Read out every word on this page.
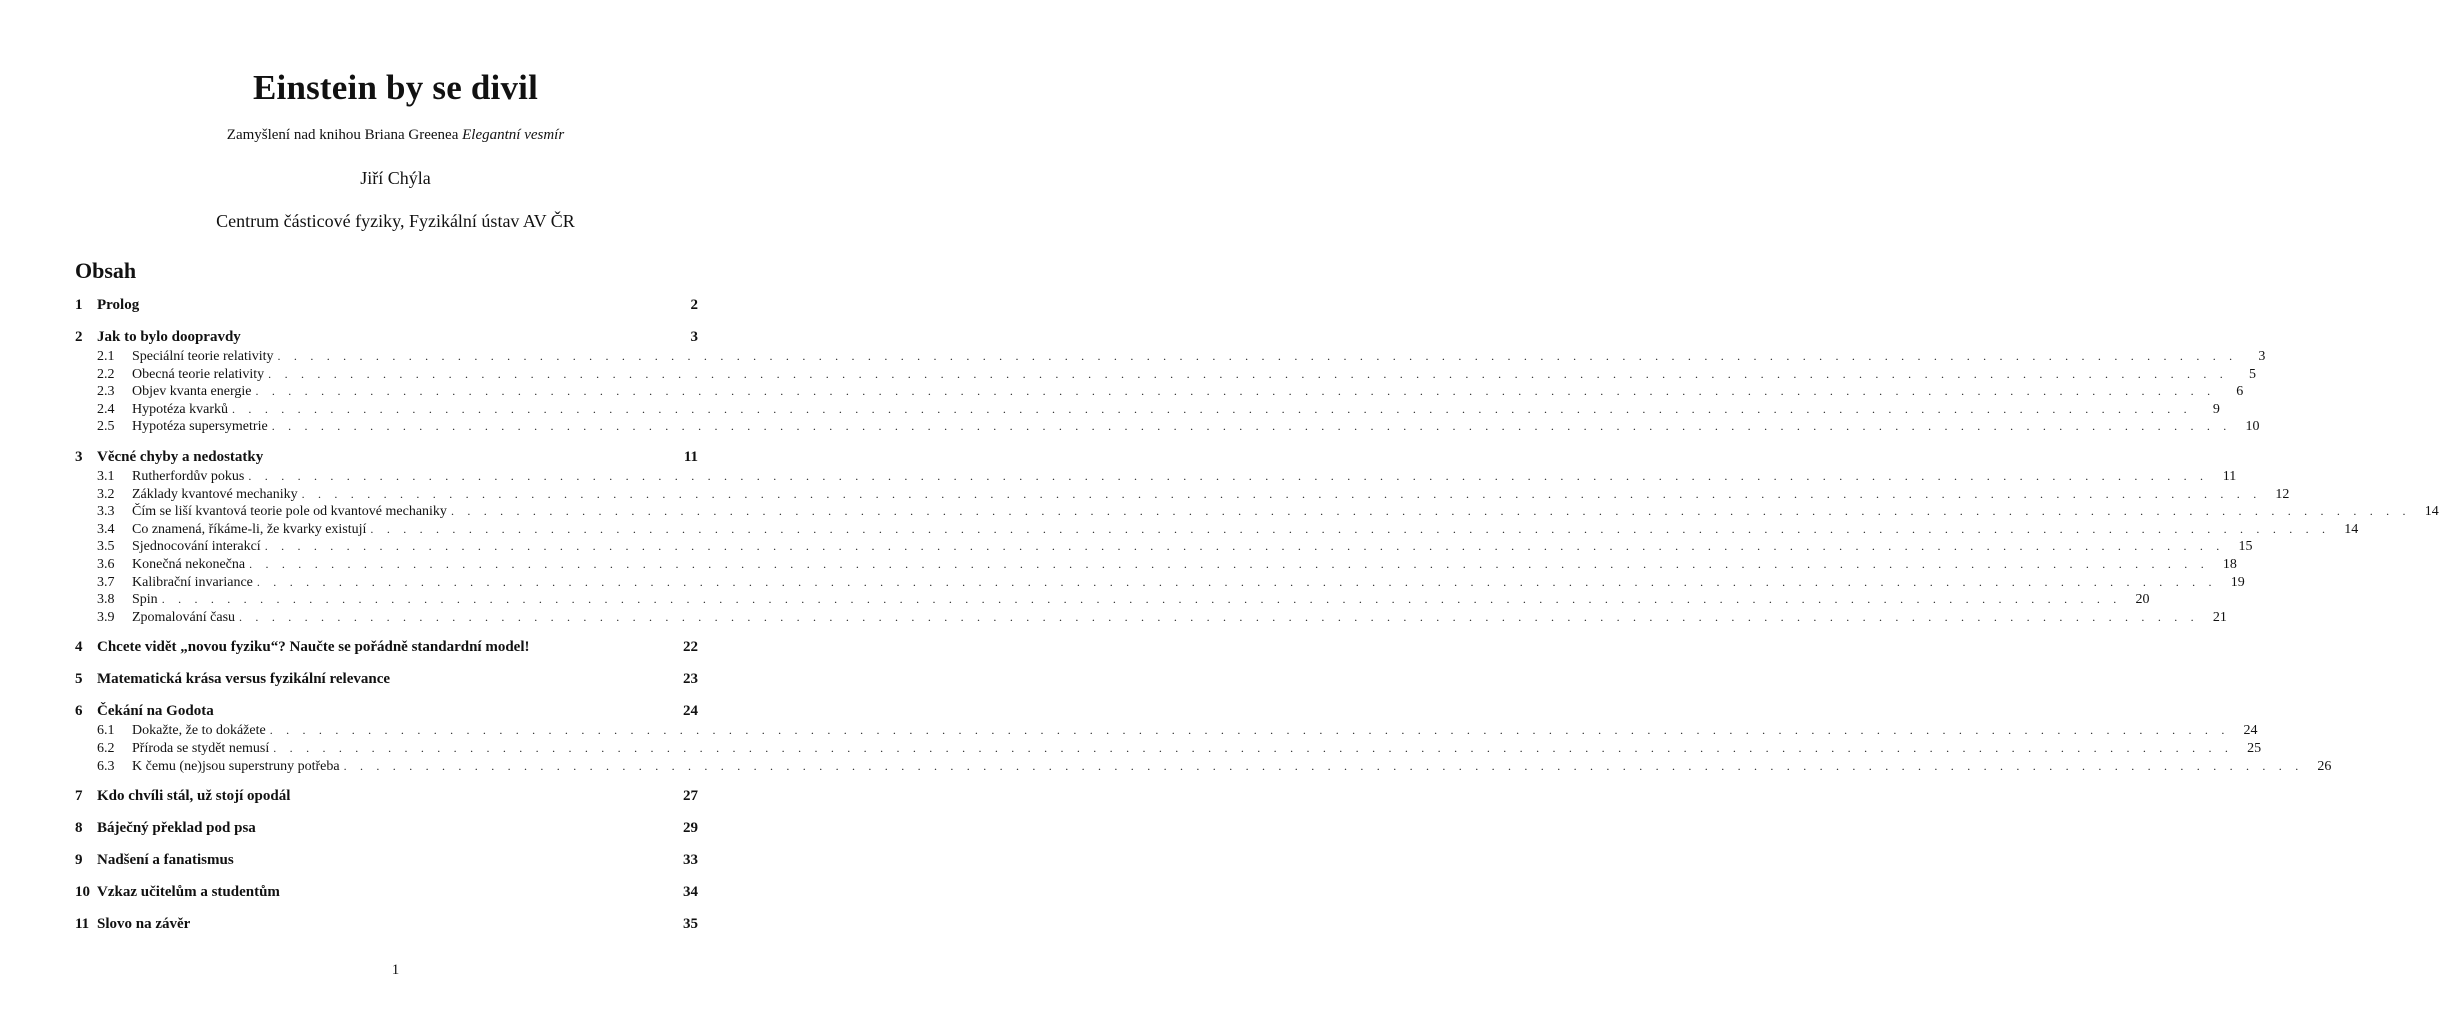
Einstein by se divil
Zamyšlení nad knihou Briana Greenea Elegantní vesmír
Jiří Chýla
Centrum částicové fyziky, Fyzikální ústav AV ČR
Obsah
1 Prolog	2
2 Jak to bylo doopravdy	3
2.1	Speciální teorie relativity . . . . . . . . . . . . . . . . . . . . . . . . . . . . . . . . . . . . . . . . . . . . . . . . . . . . . . . . . . . . . . . . . . . . . . . . . . . . . . . . . . . . . . . . . . . . . . . . . . . . . . . . . . . . . . . . . . . . . . . .	3
2.2	Obecná teorie relativity . . . . . . . . . . . . . . . . . . . . . . . . . . . . . . . . . . . . . . . . . . . . . . . . . . . . . . . . . . . . . . . . . . . . . . . . . . . . . . . . . . . . . . . . . . . . . . . . . . . . . . . . . . . . . . . . . . . . . . . .	5
2.3	Objev kvanta energie . . . . . . . . . . . . . . . . . . . . . . . . . . . . . . . . . . . . . . . . . . . . . . . . . . . . . . . . . . . . . . . . . . . . . . . . . . . . . . . . . . . . . . . . . . . . . . . . . . . . . . . . . . . . . . . . . . . . . . . .	6
2.4	Hypotéza kvarků . . . . . . . . . . . . . . . . . . . . . . . . . . . . . . . . . . . . . . . . . . . . . . . . . . . . . . . . . . . . . . . . . . . . . . . . . . . . . . . . . . . . . . . . . . . . . . . . . . . . . . . . . . . . . . . . . . . . . . . .	9
2.5	Hypotéza supersymetrie . . . . . . . . . . . . . . . . . . . . . . . . . . . . . . . . . . . . . . . . . . . . . . . . . . . . . . . . . . . . . . . . . . . . . . . . . . . . . . . . . . . . . . . . . . . . . . . . . . . . . . . . . . . . . . . . . . . . . . . .	10
3 Věcné chyby a nedostatky	11
3.1	Rutherfordův pokus . . . . . . . . . . . . . . . . . . . . . . . . . . . . . . . . . . . . . . . . . . . . . . . . . . . . . . . . . . . . . . . . . . . . . . . . . . . . . . . . . . . . . . . . . . . . . . . . . . . . . . . . . . . . . . . . . . . . . . . .	11
3.2	Základy kvantové mechaniky . . . . . . . . . . . . . . . . . . . . . . . . . . . . . . . . . . . . . . . . . . . . . . . . . . . . . . . . . . . . . . . . . . . . . . . . . . . . . . . . . . . . . . . . . . . . . . . . . . . . . . . . . . . . . . . . . . . . . . . .	12
3.3	Čím se liší kvantová teorie pole od kvantové mechaniky . . . . . . . . . . . . . . . . . . . . . . . . . . . . . . . . . . . . . . . . . . . . . . . . . . . . . . . . . . . . . . . . . . . . . . . . . . . . . . . . . . . . . . . . . . . . . . . . . . . . . . . . . . . . . . . . . . . . . . . .	14
3.4	Co znamená, říkáme-li, že kvarky existují . . . . . . . . . . . . . . . . . . . . . . . . . . . . . . . . . . . . . . . . . . . . . . . . . . . . . . . . . . . . . . . . . . . . . . . . . . . . . . . . . . . . . . . . . . . . . . . . . . . . . . . . . . . . . . . . . . . . . . . .	14
3.5	Sjednocování interakcí . . . . . . . . . . . . . . . . . . . . . . . . . . . . . . . . . . . . . . . . . . . . . . . . . . . . . . . . . . . . . . . . . . . . . . . . . . . . . . . . . . . . . . . . . . . . . . . . . . . . . . . . . . . . . . . . . . . . . . . .	15
3.6	Konečná nekonečna . . . . . . . . . . . . . . . . . . . . . . . . . . . . . . . . . . . . . . . . . . . . . . . . . . . . . . . . . . . . . . . . . . . . . . . . . . . . . . . . . . . . . . . . . . . . . . . . . . . . . . . . . . . . . . . . . . . . . . . .	18
3.7	Kalibrační invariance . . . . . . . . . . . . . . . . . . . . . . . . . . . . . . . . . . . . . . . . . . . . . . . . . . . . . . . . . . . . . . . . . . . . . . . . . . . . . . . . . . . . . . . . . . . . . . . . . . . . . . . . . . . . . . . . . . . . . . . .	19
3.8	Spin . . . . . . . . . . . . . . . . . . . . . . . . . . . . . . . . . . . . . . . . . . . . . . . . . . . . . . . . . . . . . . . . . . . . . . . . . . . . . . . . . . . . . . . . . . . . . . . . . . . . . . . . . . . . . . . . . . . . . . . .	20
3.9	Zpomalování času . . . . . . . . . . . . . . . . . . . . . . . . . . . . . . . . . . . . . . . . . . . . . . . . . . . . . . . . . . . . . . . . . . . . . . . . . . . . . . . . . . . . . . . . . . . . . . . . . . . . . . . . . . . . . . . . . . . . . . . .	21
4 Chcete vidět „novou fyziku“? Naučte se pořádně standardní model!	22
5 Matematická krása versus fyzikální relevance	23
6 Čekání na Godota	24
6.1	Dokažte, že to dokážete . . . . . . . . . . . . . . . . . . . . . . . . . . . . . . . . . . . . . . . . . . . . . . . . . . . . . . . . . . . . . . . . . . . . . . . . . . . . . . . . . . . . . . . . . . . . . . . . . . . . . . . . . . . . . . . . . . . . . . . .	24
6.2	Příroda se stydět nemusí . . . . . . . . . . . . . . . . . . . . . . . . . . . . . . . . . . . . . . . . . . . . . . . . . . . . . . . . . . . . . . . . . . . . . . . . . . . . . . . . . . . . . . . . . . . . . . . . . . . . . . . . . . . . . . . . . . . . . . . .	25
6.3	K čemu (ne)jsou superstruny potřeba . . . . . . . . . . . . . . . . . . . . . . . . . . . . . . . . . . . . . . . . . . . . . . . . . . . . . . . . . . . . . . . . . . . . . . . . . . . . . . . . . . . . . . . . . . . . . . . . . . . . . . . . . . . . . . . . . . . . . . . .	26
7 Kdo chvíli stál, už stojí opodál	27
8 Báječný překlad pod psa	29
9 Nadšení a fanatismus	33
10 Vzkaz učitelům a studentům	34
11 Slovo na závěr	35
1
